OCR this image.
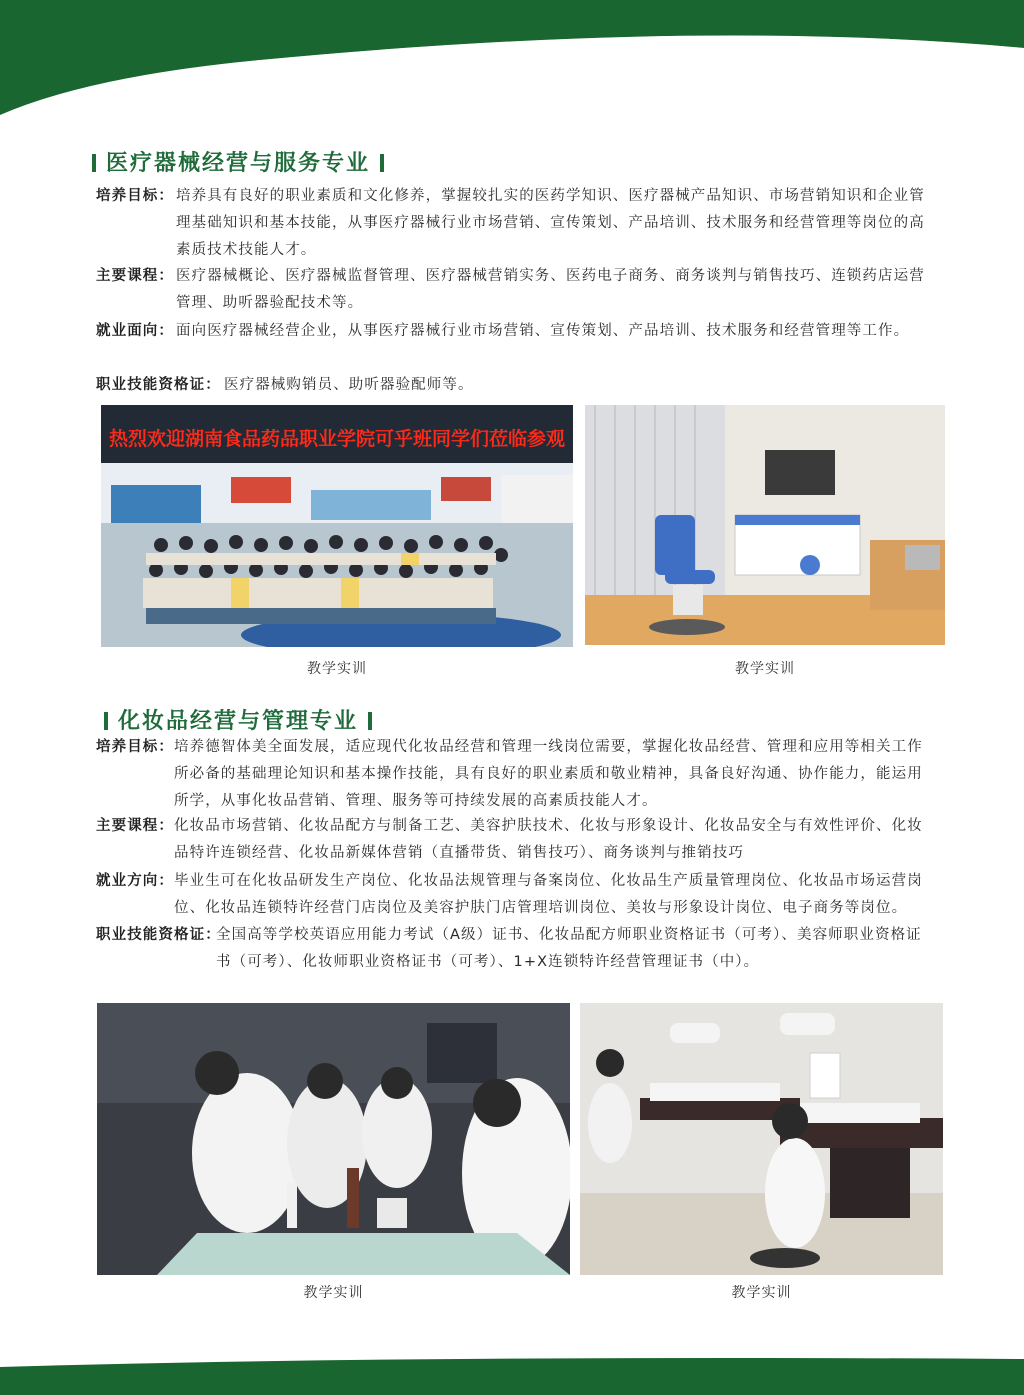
医疗器械经营与服务专业
培养目标： 培养具有良好的职业素质和文化修养，掌握较扎实的医药学知识、医疗器械产品知识、市场营销知识和企业管理基础知识和基本技能，从事医疗器械行业市场营销、宣传策划、产品培训、技术服务和经营管理等岗位的高素质技术技能人才。
主要课程： 医疗器械概论、医疗器械监督管理、医疗器械营销实务、医药电子商务、商务谈判与销售技巧、连锁药店运营管理、助听器验配技术等。
就业面向： 面向医疗器械经营企业，从事医疗器械行业市场营销、宣传策划、产品培训、技术服务和经营管理等工作。
职业技能资格证： 医疗器械购销员、助听器验配师等。
热烈欢迎湖南食品药品职业学院可乎班同学们莅临参观
教学实训	教学实训
化妆品经营与管理专业
培养目标： 培养德智体美全面发展，适应现代化妆品经营和管理一线岗位需要，掌握化妆品经营、管理和应用等相关工作所必备的基础理论知识和基本操作技能，具有良好的职业素质和敬业精神，具备良好沟通、协作能力，能运用所学，从事化妆品营销、管理、服务等可持续发展的高素质技能人才。
主要课程： 化妆品市场营销、化妆品配方与制备工艺、美容护肤技术、化妆与形象设计、化妆品安全与有效性评价、化妆品特许连锁经营、化妆品新媒体营销（直播带货、销售技巧）、商务谈判与推销技巧
就业方向： 毕业生可在化妆品研发生产岗位、化妆品法规管理与备案岗位、化妆品生产质量管理岗位、化妆品市场运营岗位、化妆品连锁特许经营门店岗位及美容护肤门店管理培训岗位、美妆与形象设计岗位、电子商务等岗位。
职业技能资格证：
全国高等学校英语应用能力考试（A级）证书、化妆品配方师职业资格证书（可考）、美容师职业资格证书（可考）、化妆师职业资格证书（可考）、1+X连锁特许经营管理证书（中）。
教学实训	教学实训
